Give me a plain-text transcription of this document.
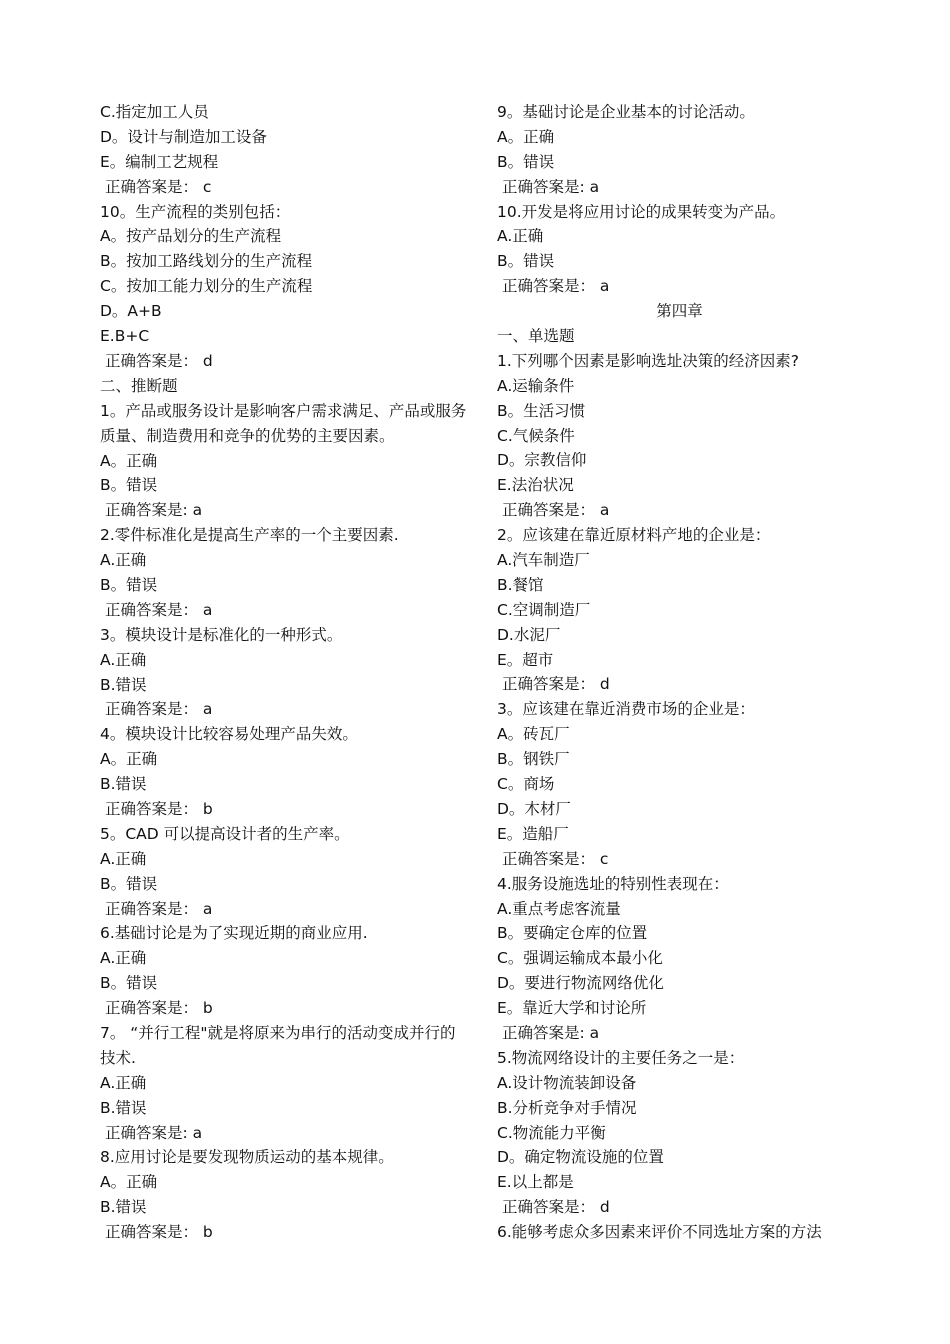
C.指定加工人员
D。设计与制造加工设备
E。编制工艺规程
正确答案是： c
10。生产流程的类别包括：
A。按产品划分的生产流程
B。按加工路线划分的生产流程
C。按加工能力划分的生产流程
D。A+B
E.B+C
正确答案是： d
二、推断题
1。产品或服务设计是影响客户需求满足、产品或服务质量、制造费用和竞争的优势的主要因素。
A。正确
B。错误
正确答案是: a
2.零件标准化是提高生产率的一个主要因素.
A.正确
B。错误
正确答案是： a
3。模块设计是标准化的一种形式。
A.正确
B.错误
正确答案是： a
4。模块设计比较容易处理产品失效。
A。正确
B.错误
正确答案是： b
5。CAD 可以提高设计者的生产率。
A.正确
B。错误
正确答案是： a
6.基础讨论是为了实现近期的商业应用.
A.正确
B。错误
正确答案是： b
7。 “并行工程"就是将原来为串行的活动变成并行的技术.
A.正确
B.错误
正确答案是: a
8.应用讨论是要发现物质运动的基本规律。
A。正确
B.错误
正确答案是： b
9。基础讨论是企业基本的讨论活动。
A。正确
B。错误
正确答案是: a
10.开发是将应用讨论的成果转变为产品。
A.正确
B。错误
正确答案是： a
第四章
一、单选题
1.下列哪个因素是影响选址决策的经济因素?
A.运输条件
B。生活习惯
C.气候条件
D。宗教信仰
E.法治状况
正确答案是： a
2。应该建在靠近原材料产地的企业是：
A.汽车制造厂
B.餐馆
C.空调制造厂
D.水泥厂
E。超市
正确答案是： d
3。应该建在靠近消费市场的企业是：
A。砖瓦厂
B。钢铁厂
C。商场
D。木材厂
E。造船厂
正确答案是： c
4.服务设施选址的特别性表现在：
A.重点考虑客流量
B。要确定仓库的位置
C。强调运输成本最小化
D。要进行物流网络优化
E。靠近大学和讨论所
正确答案是: a
5.物流网络设计的主要任务之一是：
A.设计物流装卸设备
B.分析竞争对手情况
C.物流能力平衡
D。确定物流设施的位置
E.以上都是
正确答案是： d
6.能够考虑众多因素来评价不同选址方案的方法
